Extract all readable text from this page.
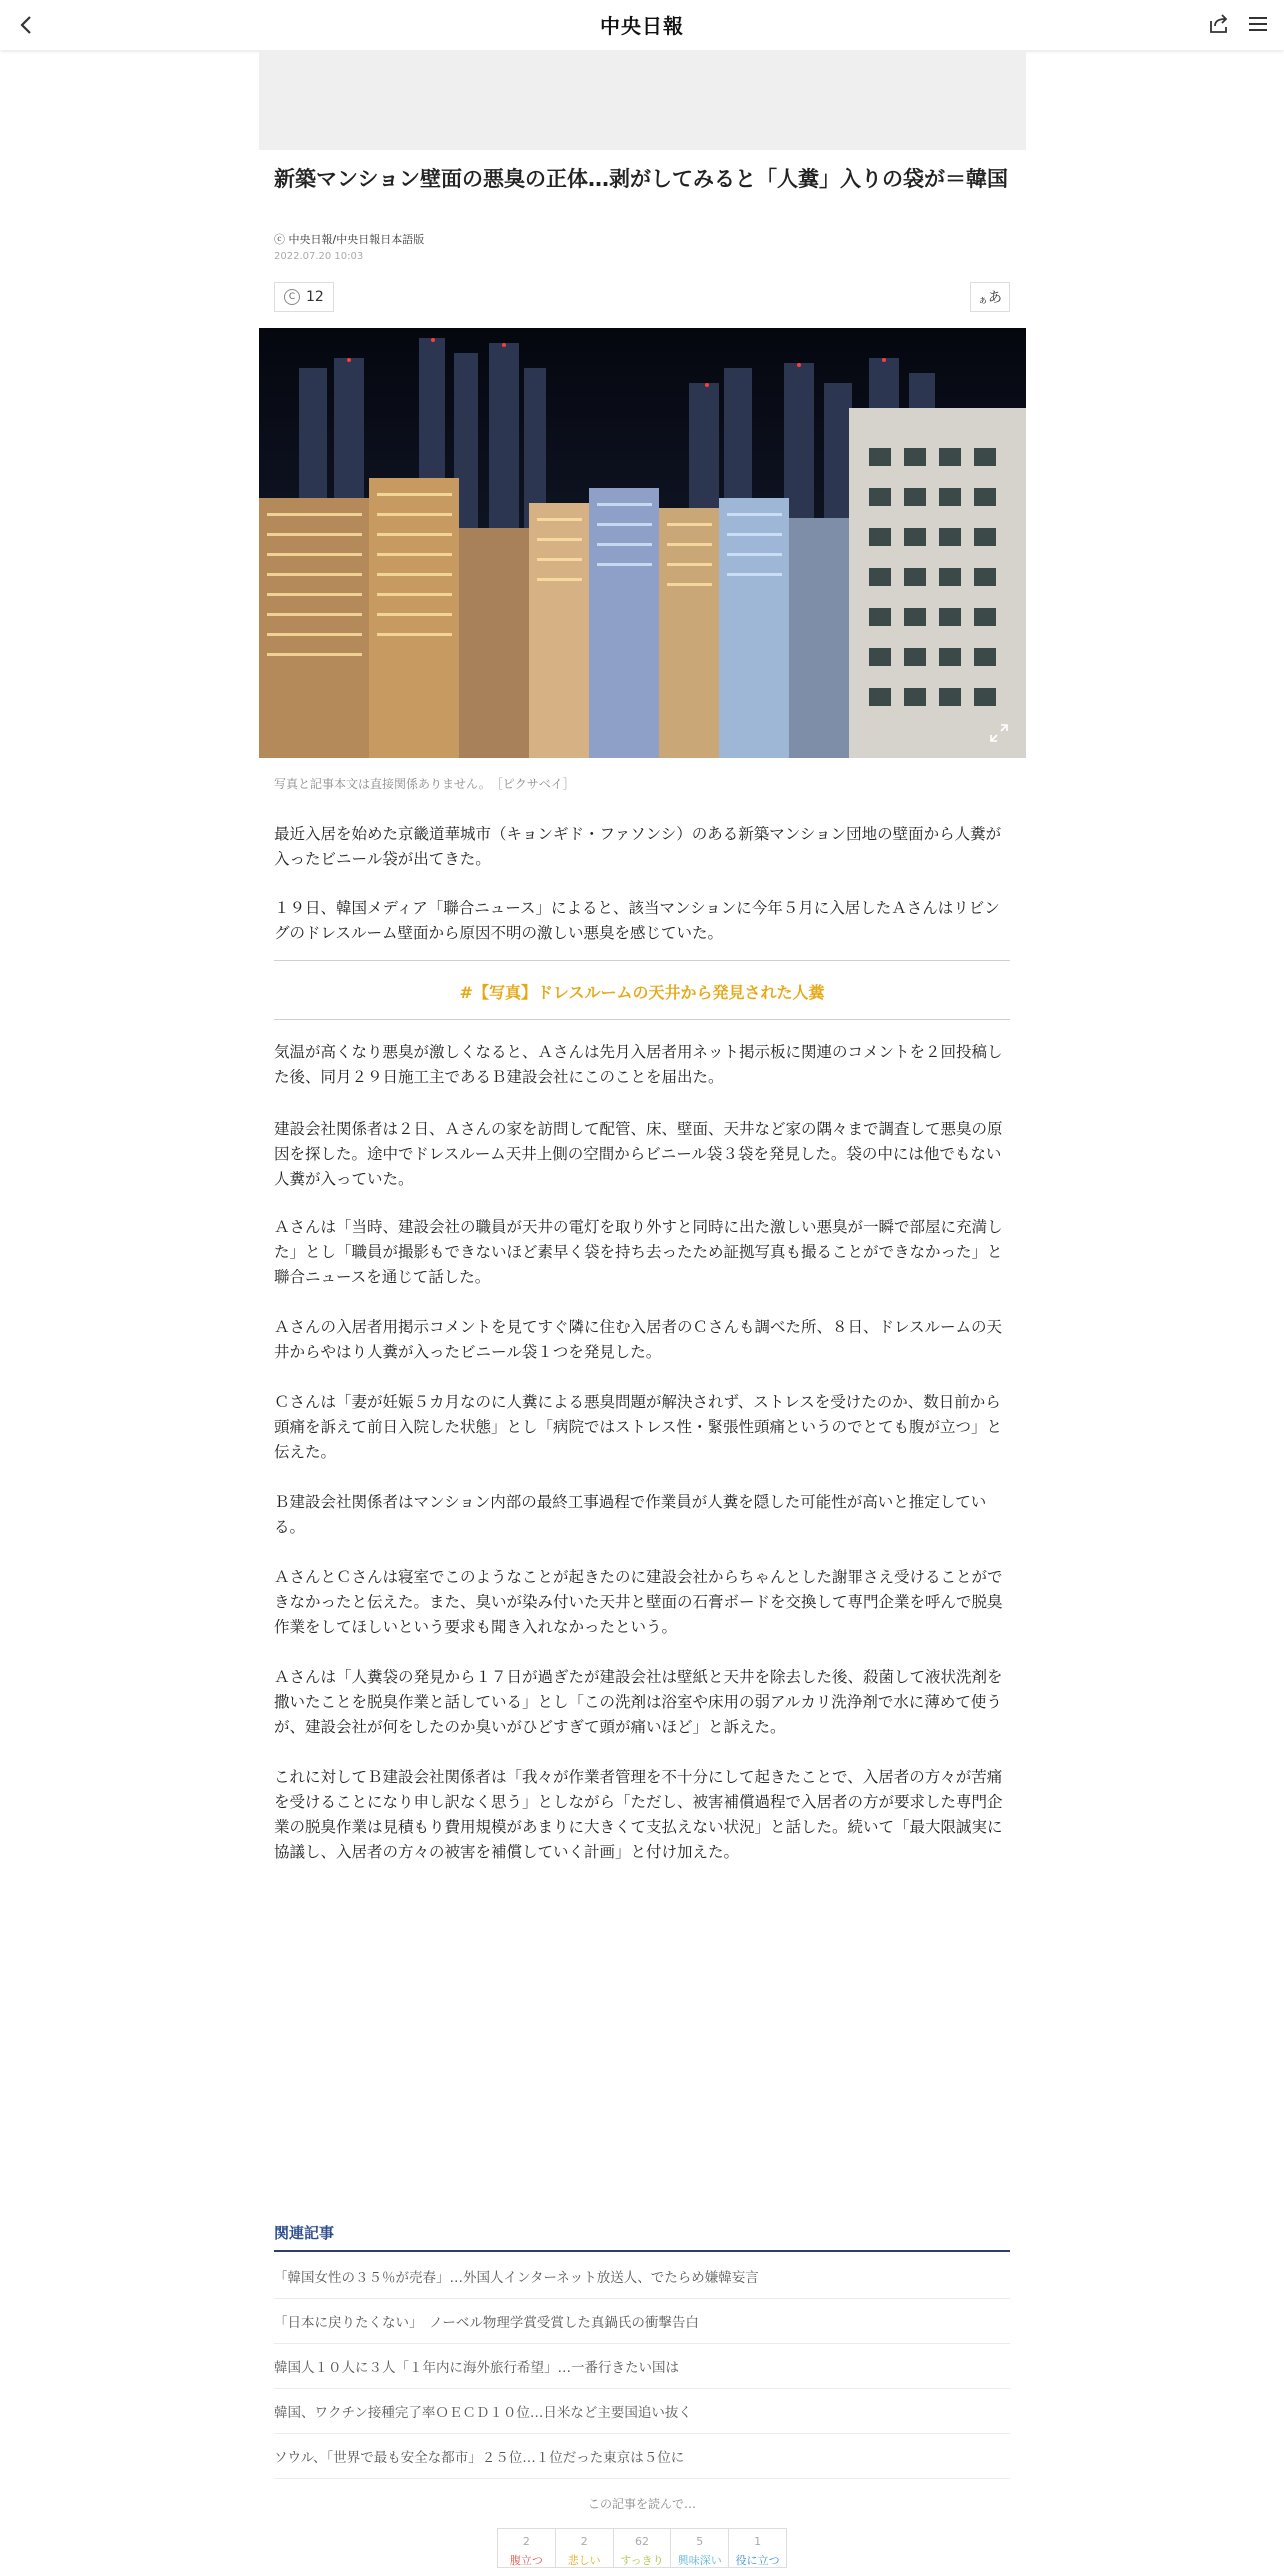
中央日報
新築マンション壁面の悪臭の正体…剥がしてみると「人糞」入りの袋が＝韓国
ⓒ 中央日報/中央日報日本語版
2022.07.20 10:03
C 12	ぁ あ
写真と記事本文は直接関係ありません。　［ピクサベイ］

最近入居を始めた京畿道華城市（キョンギド・ファソンシ）のある新築マンション団地の壁面から人糞が入ったビニール袋が出てきた。

１９日、韓国メディア「聯合ニュース」によると、該当マンションに今年５月に入居したＡさんはリビングのドレスルーム壁面から原因不明の激しい悪臭を感じていた。

#【写真】ドレスルームの天井から発見された人糞

気温が高くなり悪臭が激しくなると、Ａさんは先月入居者用ネット掲示板に関連のコメントを２回投稿した後、同月２９日施工主であるＢ建設会社にこのことを届出た。

建設会社関係者は２日、Ａさんの家を訪問して配管、床、壁面、天井など家の隅々まで調査して悪臭の原因を探した。途中でドレスルーム天井上側の空間からビニール袋３袋を発見した。袋の中には他でもない人糞が入っていた。

Ａさんは「当時、建設会社の職員が天井の電灯を取り外すと同時に出た激しい悪臭が一瞬で部屋に充満した」とし「職員が撮影もできないほど素早く袋を持ち去ったため証拠写真も撮ることができなかった」と聯合ニュースを通じて話した。

Ａさんの入居者用掲示コメントを見てすぐ隣に住む入居者のＣさんも調べた所、８日、ドレスルームの天井からやはり人糞が入ったビニール袋１つを発見した。

Ｃさんは「妻が妊娠５カ月なのに人糞による悪臭問題が解決されず、ストレスを受けたのか、数日前から頭痛を訴えて前日入院した状態」とし「病院ではストレス性・緊張性頭痛というのでとても腹が立つ」と伝えた。

Ｂ建設会社関係者はマンション内部の最終工事過程で作業員が人糞を隠した可能性が高いと推定している。

ＡさんとＣさんは寝室でこのようなことが起きたのに建設会社からちゃんとした謝罪さえ受けることができなかったと伝えた。また、臭いが染み付いた天井と壁面の石膏ボードを交換して専門企業を呼んで脱臭作業をしてほしいという要求も聞き入れなかったという。

Ａさんは「人糞袋の発見から１７日が過ぎたが建設会社は壁紙と天井を除去した後、殺菌して液状洗剤を撒いたことを脱臭作業と話している」とし「この洗剤は浴室や床用の弱アルカリ洗浄剤で水に薄めて使うが、建設会社が何をしたのか臭いがひどすぎて頭が痛いほど」と訴えた。

これに対してＢ建設会社関係者は「我々が作業者管理を不十分にして起きたことで、入居者の方々が苦痛を受けることになり申し訳なく思う」としながら「ただし、被害補償過程で入居者の方が要求した専門企業の脱臭作業は見積もり費用規模があまりに大きくて支払えない状況」と話した。続いて「最大限誠実に協議し、入居者の方々の被害を補償していく計画」と付け加えた。

関連記事
「韓国女性の３５％が売春」…外国人インターネット放送人、でたらめ嫌韓妄言
「日本に戻りたくない」　ノーベル物理学賞受賞した真鍋氏の衝撃告白
韓国人１０人に３人「１年内に海外旅行希望」…一番行きたい国は
韓国、ワクチン接種完了率ＯＥＣＤ１０位…日米など主要国追い抜く
ソウル、「世界で最も安全な都市」２５位…１位だった東京は５位に
この記事を読んで…
2
腹立つ
2
悲しい
62
すっきり
5
興味深い
1
役に立つ
